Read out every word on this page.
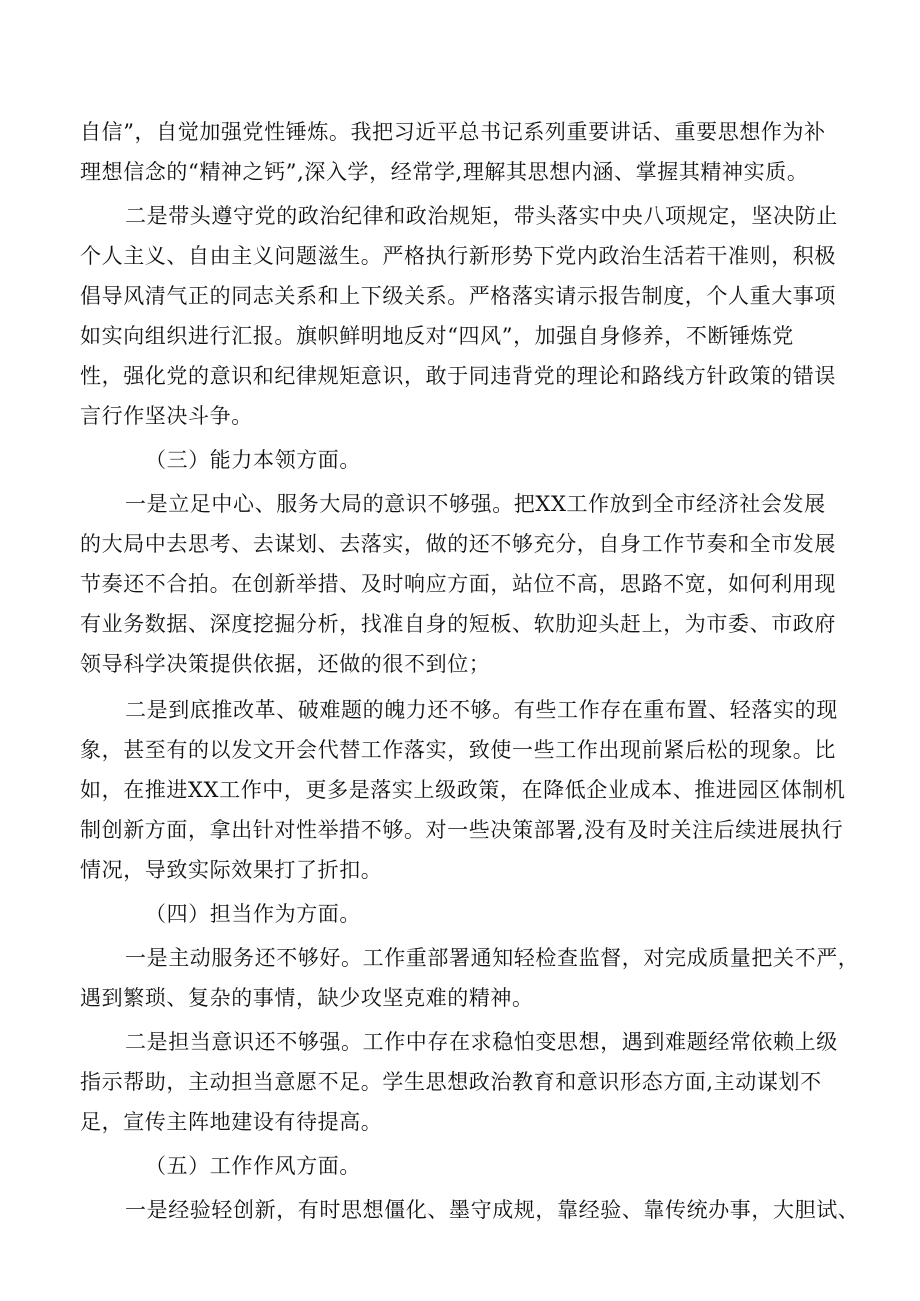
自信”，自觉加强党性锤炼。我把习近平总书记系列重要讲话、重要思想作为补
理想信念的“精神之钙”,深入学，经常学,理解其思想内涵、掌握其精神实质。
二是带头遵守党的政治纪律和政治规矩，带头落实中央八项规定，坚决防止
个人主义、自由主义问题滋生。严格执行新形势下党内政治生活若干准则，积极
倡导风清气正的同志关系和上下级关系。严格落实请示报告制度，个人重大事项
如实向组织进行汇报。旗帜鲜明地反对“四风”，加强自身修养，不断锤炼党
性，强化党的意识和纪律规矩意识，敢于同违背党的理论和路线方针政策的错误
言行作坚决斗争。
（三）能力本领方面。
一是立足中心、服务大局的意识不够强。把XX工作放到全市经济社会发展
的大局中去思考、去谋划、去落实，做的还不够充分，自身工作节奏和全市发展
节奏还不合拍。在创新举措、及时响应方面，站位不高，思路不宽，如何利用现
有业务数据、深度挖掘分析，找准自身的短板、软肋迎头赶上，为市委、市政府
领导科学决策提供依据，还做的很不到位；
二是到底推改革、破难题的魄力还不够。有些工作存在重布置、轻落实的现
象，甚至有的以发文开会代替工作落实，致使一些工作出现前紧后松的现象。比
如，在推进XX工作中，更多是落实上级政策，在降低企业成本、推进园区体制机
制创新方面，拿出针对性举措不够。对一些决策部署,没有及时关注后续进展执行
情况，导致实际效果打了折扣。
（四）担当作为方面。
一是主动服务还不够好。工作重部署通知轻检查监督，对完成质量把关不严，
遇到繁琐、复杂的事情，缺少攻坚克难的精神。
二是担当意识还不够强。工作中存在求稳怕变思想，遇到难题经常依赖上级
指示帮助，主动担当意愿不足。学生思想政治教育和意识形态方面,主动谋划不
足，宣传主阵地建设有待提高。
（五）工作作风方面。
一是经验轻创新，有时思想僵化、墨守成规，靠经验、靠传统办事，大胆试、
